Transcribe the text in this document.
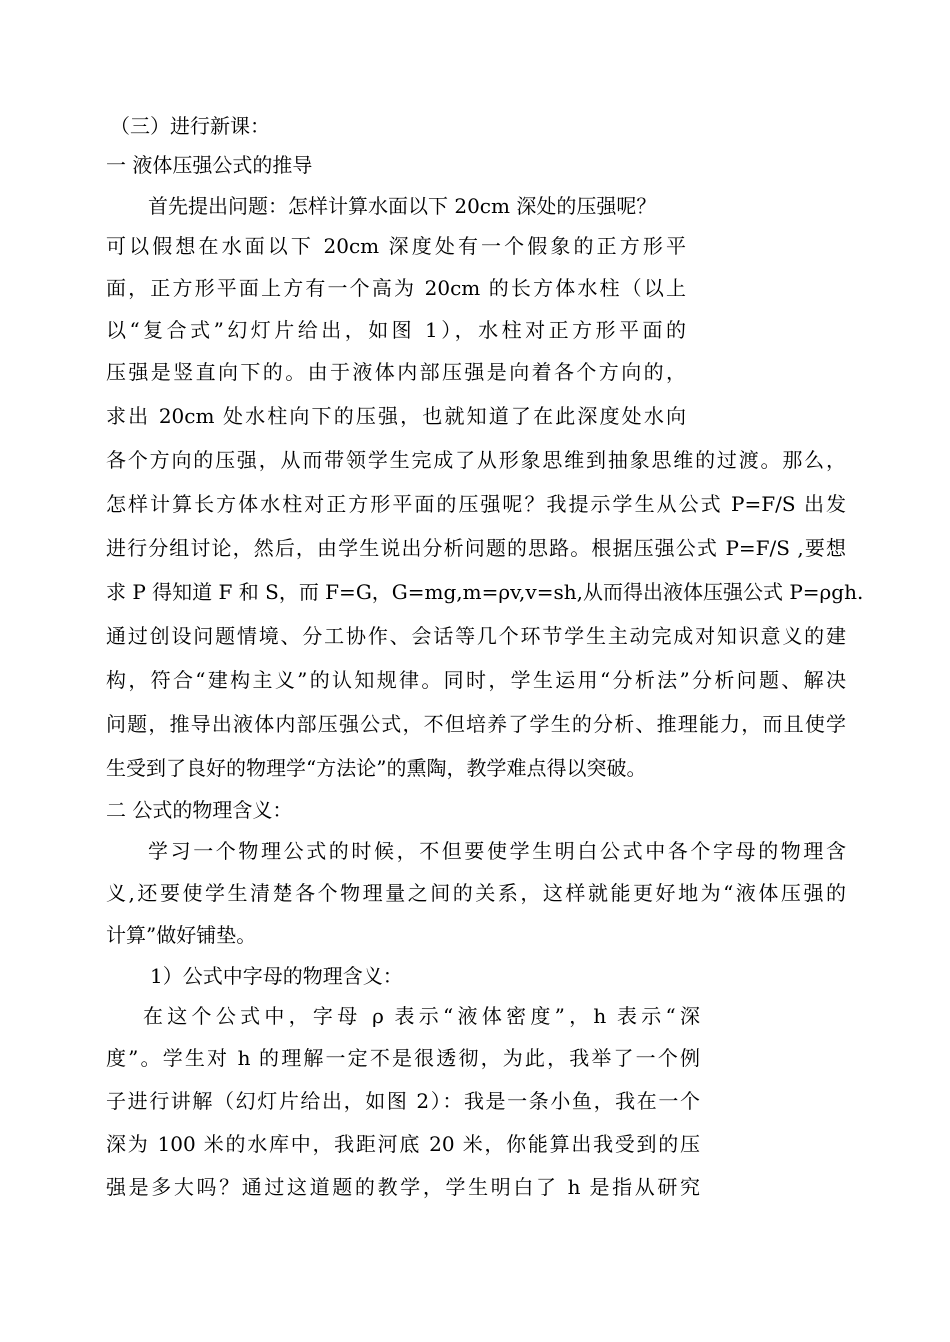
（三）进行新课：
一 液体压强公式的推导
首先提出问题：怎样计算水面以下 20cm 深处的压强呢？
可以假想在水面以下 20cm 深度处有一个假象的正方形平
面，正方形平面上方有一个高为 20cm 的长方体水柱（以上
以“复合式”幻灯片给出，如图 1），水柱对正方形平面的
压强是竖直向下的。由于液体内部压强是向着各个方向的，
求出 20cm 处水柱向下的压强，也就知道了在此深度处水向
各个方向的压强，从而带领学生完成了从形象思维到抽象思维的过渡。那么，
怎样计算长方体水柱对正方形平面的压强呢？我提示学生从公式 P=F/S 出发
进行分组讨论，然后，由学生说出分析问题的思路。根据压强公式 P=F/S ,要想
求 P 得知道 F 和 S，而 F=G，G=mg,m=ρv,v=sh,从而得出液体压强公式 P=ρgh.
通过创设问题情境、分工协作、会话等几个环节学生主动完成对知识意义的建
构，符合“建构主义”的认知规律。同时，学生运用“分析法”分析问题、解决
问题，推导出液体内部压强公式，不但培养了学生的分析、推理能力，而且使学
生受到了良好的物理学“方法论”的熏陶，教学难点得以突破。
二 公式的物理含义：
学习一个物理公式的时候，不但要使学生明白公式中各个字母的物理含
义,还要使学生清楚各个物理量之间的关系，这样就能更好地为“液体压强的
计算”做好铺垫。
1）公式中字母的物理含义：
在这个公式中，字母 ρ 表示“液体密度”，h 表示“深
度”。学生对 h 的理解一定不是很透彻，为此，我举了一个例
子进行讲解（幻灯片给出，如图 2）：我是一条小鱼，我在一个
深为 100 米的水库中，我距河底 20 米，你能算出我受到的压
强是多大吗？通过这道题的教学，学生明白了 h 是指从研究
